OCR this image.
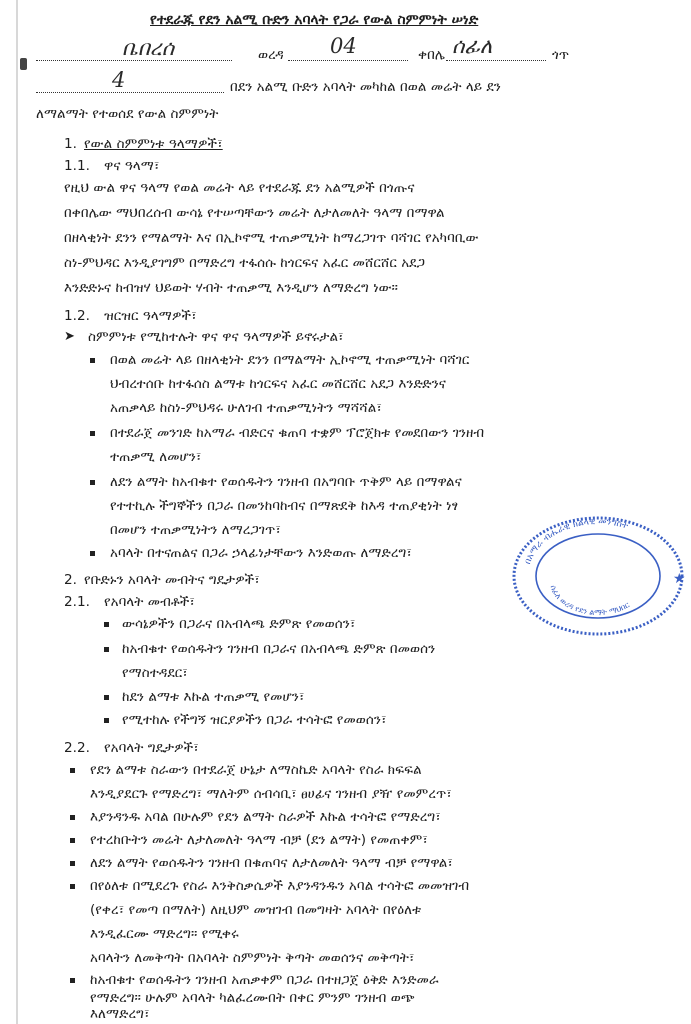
የተደራጁ የደን አልሚ ቡድን አባላት የጋራ የውል ስምምነት ሠነድ
ቤበረሰ	ወረዳ 04	ቀበሌ ሰፊለ	ጎጥ
4	በደን አልሚ ቡድን አባላት መካከል በወል መሬት ላይ ደን
ለማልማት የተወሰደ የውል ስምምነት
1. የውል ስምምነቱ ዓላማዎች፣
1.1. ዋና ዓላማ፣
የዚህ ውል ዋና ዓላማ የወል መሬት ላይ የተደራጁ ደን አልሚዎች በጎጡና
በቀበሌው ማህበረሰብ ውሳኔ የተሠጣቸውን መሬት ለታለመለት ዓላማ በማዋል
በዘላቂነት ደንን የማልማት እና በኢኮኖሚ ተጠቃሚነት ከማረጋገጥ ባሻገር የአካባቢው
ስነ-ምህዳር እንዲያገግም በማድረግ ተፋሰሱ ከጎርፍና አፈር መሸርሸር አደጋ
እንድድኑና ከብዝሃ ህይወት ሃብት ተጠቃሚ እንዲሆን ለማድረግ ነው።
1.2. ዝርዝር ዓላማዎች፣
➤ ስምምነቱ የሚከተሉት ዋና ዋና ዓላማዎች ይኖሩታል፣
በወል መሬት ላይ በዘላቂነት ደንን በማልማት ኢኮኖሚ ተጠቃሚነት ባሻገር
ህብረተሰቡ ከተፋሰስ ልማቱ ከጎርፍና አፈር መሸርሸር አደጋ እንድድንና
አጠቃላይ ከስነ-ምህዳሩ ሁለገብ ተጠቃሚነትን ማሻሻል፣
በተደራጀ መንገድ ከአማራ ብድርና ቁጠባ ተቋም ፕሮጀክቱ የመደበውን ገንዘብ
ተጠቃሚ ለመሆን፣
ለደን ልማት ከአብቁተ የወሰዱትን ገንዘብ በአግባቡ ጥቅም ላይ በማዋልና
የተተኪሉ ችግኞችን በጋራ በመንከባከብና በማጽደቅ ከእዳ ተጠያቂነት ነፃ
በመሆን ተጠቃሚነትን ለማረጋገጥ፣
አባላት በተናጠልና በጋራ ኃላፊነታቸውን እንድወጡ ለማድረግ፣
2. የቡድኑን አባላት መብትና ግዴታዎች፣
2.1. የአባላት መብቶች፣
ውሳኔዎችን በጋራና በአብላጫ ድምጽ የመወሰን፣
ከአብቁተ የወሰዱትን ገንዘብ በጋራና በአብላጫ ድምጽ በመወሰን
የማስተዳደር፣
ከደን ልማቱ እኩል ተጠቃሚ የመሆን፣
የሚተከሉ የችግኝ ዝርያዎችን በጋራ ተሳትፎ የመወሰን፣
2.2. የአባላት ግዴታዎች፣
የደን ልማቱ ስራውን በተደራጀ ሁኔታ ለማስኬድ አባላት የስራ ክፍፍል
እንዲያደርጉ የማድረግ፣ ማለትም ሰብሳቢ፣ ፀሀፊና ገንዘብ ያዥ የመምረጥ፣
እያንዳንዱ አባል በሁሉም የደን ልማት ስራዎች እኩል ተሳትፎ የማድረግ፣
የተረከቡትን መሬት ለታለመለት ዓላማ ብቻ (ደን ልማት) የመጠቀም፣
ለደን ልማት የወሰዱትን ገንዘብ በቁጠባና ለታለመለት ዓላማ ብቻ የማዋል፣
በየዕለቱ በሚደረጉ የስራ እንቅስቃሴዎች እያንዳንዱን አባል ተሳትፎ መመዝገብ
(የቀረ፣ የመጣ በማለት) ለዚህም መዝገብ በመግዛት አባላት በየዕለቱ
እንዲፈርሙ ማድረግ። የሚቀሩ
አባላትን ለመቅጣት በአባላት ስምምነት ቅጣት መወሰንና መቅጣት፣
ከአብቁተ የወሰዱትን ገንዘብ አጠቃቀም በጋራ በተዘጋጀ ዕቅድ እንድመራ
የማድረግ። ሁሉም አባላት ካልፈረሙበት በቀር ምንም ገንዘብ ወጭ
እለማድረግ፣
በአማራ ብሔራዊ ክልላዊ መንግስት
ሰፊለ ወረዳ የደን ልማት ማህበር
★
